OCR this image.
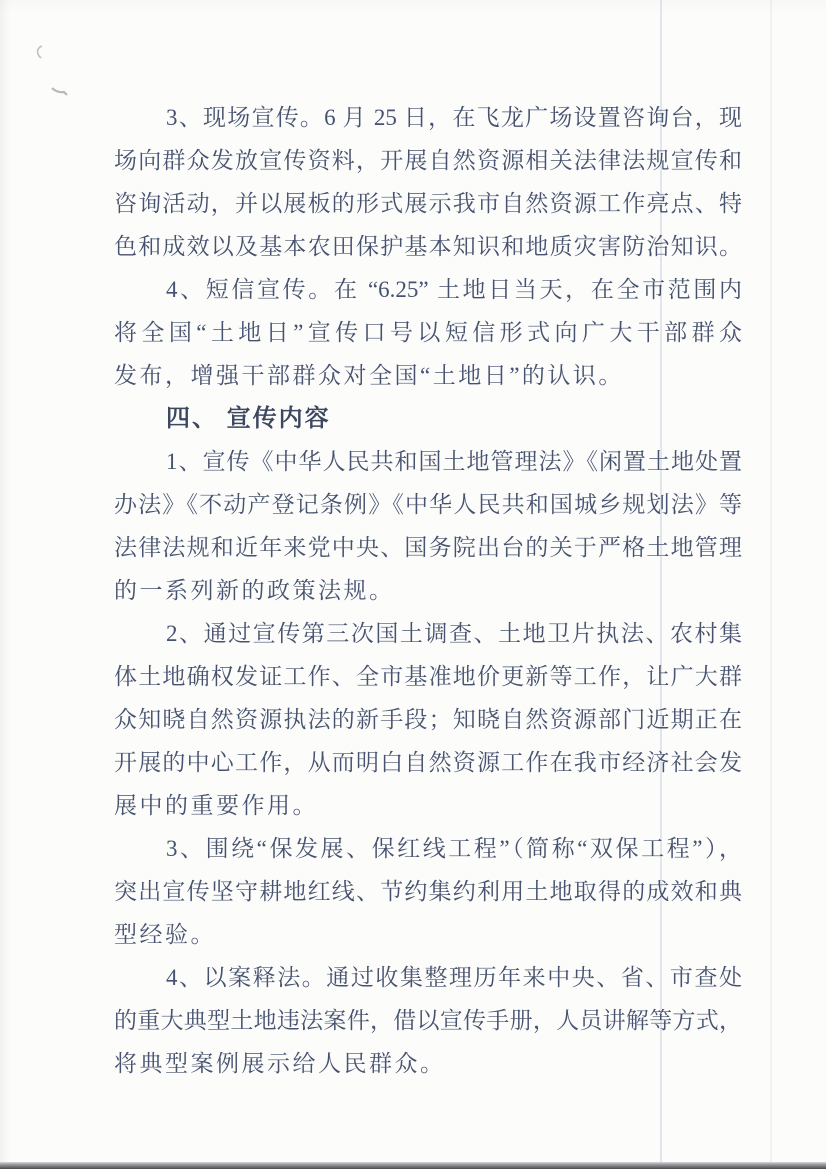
3、现场宣传。6 月 25 日，在飞龙广场设置咨询台，现
场向群众发放宣传资料，开展自然资源相关法律法规宣传和
咨询活动，并以展板的形式展示我市自然资源工作亮点、特
色和成效以及基本农田保护基本知识和地质灾害防治知识。
4、短信宣传。在 “6.25” 土地日当天，在全市范围内
将全国“土地日”宣传口号以短信形式向广大干部群众
发布，增强干部群众对全国“土地日”的认识。
四、 宣传内容
1、宣传《中华人民共和国土地管理法》《闲置土地处置
办法》《不动产登记条例》《中华人民共和国城乡规划法》等
法律法规和近年来党中央、国务院出台的关于严格土地管理
的一系列新的政策法规。
2、通过宣传第三次国土调查、土地卫片执法、农村集
体土地确权发证工作、全市基准地价更新等工作，让广大群
众知晓自然资源执法的新手段；知晓自然资源部门近期正在
开展的中心工作，从而明白自然资源工作在我市经济社会发
展中的重要作用。
3、围绕“保发展、保红线工程”（简称“双保工程”），
突出宣传坚守耕地红线、节约集约利用土地取得的成效和典
型经验。
4、以案释法。通过收集整理历年来中央、省、市查处
的重大典型土地违法案件，借以宣传手册，人员讲解等方式，
将典型案例展示给人民群众。
